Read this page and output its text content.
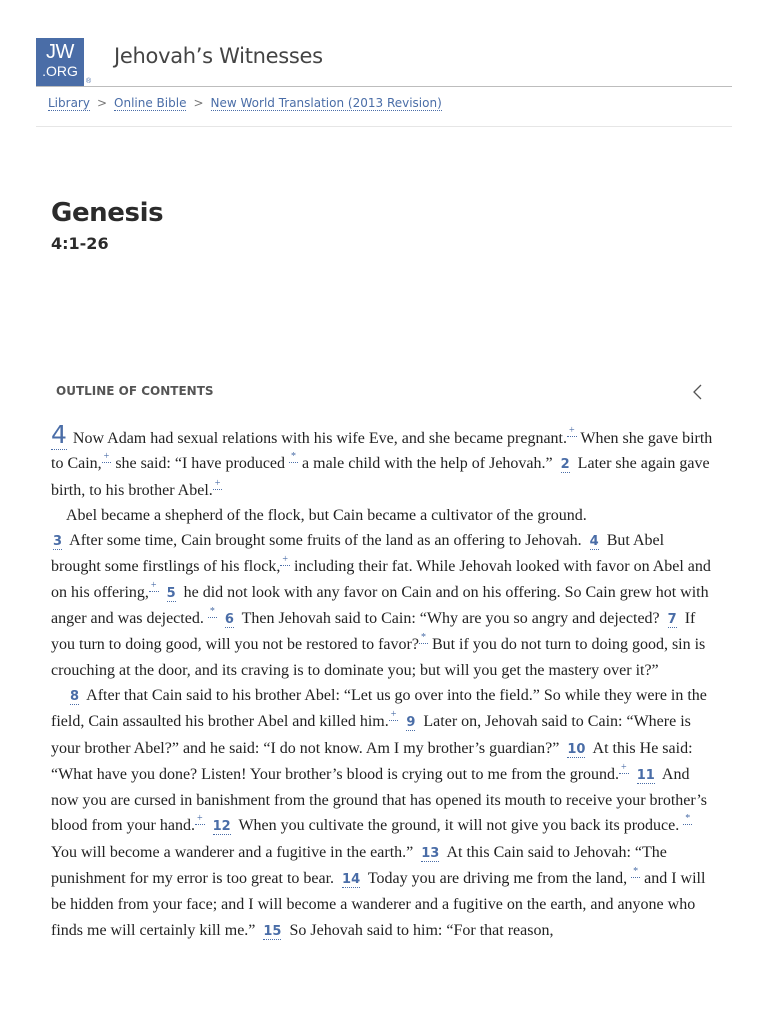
JW
.ORG
®
Jehovah’s Witnesses
Library > Online Bible > New World Translation (2013 Revision)
Genesis
4:1-26
OUTLINE OF CONTENTS

4 Now Adam had sexual relations with his wife Eve, and she became pregnant. + When she gave birth to Cain, + she said: “I have produced * a male child with the help of Jehovah.” 2 Later she again gave birth, to his brother Abel. +

Abel became a shepherd of the flock, but Cain became a cultivator of the ground.

3 After some time, Cain brought some fruits of the land as an offering to Jehovah. 4 But Abel brought some firstlings of his flock, + including their fat. While Jehovah looked with favor on Abel and on his offering, + 5 he did not look with any favor on Cain and on his offering. So Cain grew hot with anger and was dejected. * 6 Then Jehovah said to Cain: “Why are you so angry and dejected? 7 If you turn to doing good, will you not be restored to favor? * But if you do not turn to doing good, sin is crouching at the door, and its craving is to dominate you; but will you get the mastery over it?”

8 After that Cain said to his brother Abel: “Let us go over into the field.” So while they were in the field, Cain assaulted his brother Abel and killed him. + 9 Later on, Jehovah said to Cain: “Where is your brother Abel?” and he said: “I do not know. Am I my brother’s guardian?” 10 At this He said: “What have you done? Listen! Your brother’s blood is crying out to me from the ground. + 11 And now you are cursed in banishment from the ground that has opened its mouth to receive your brother’s blood from your hand. + 12 When you cultivate the ground, it will not give you back its produce. * You will become a wanderer and a fugitive in the earth.” 13 At this Cain said to Jehovah: “The punishment for my error is too great to bear. 14 Today you are driving me from the land, * and I will be hidden from your face; and I will become a wanderer and a fugitive on the earth, and anyone who finds me will certainly kill me.” 15 So Jehovah said to him: “For that reason,
